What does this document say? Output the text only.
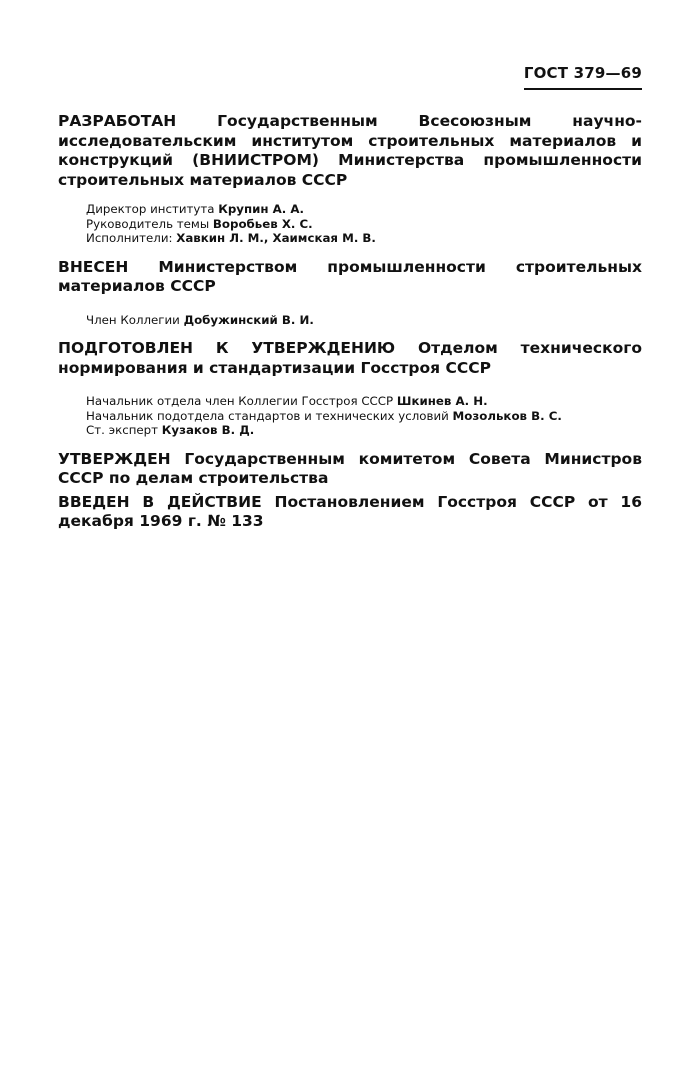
ГОСТ 379—69

РАЗРАБОТАН	Государственным Всесоюзным научно-исследовательским институтом строительных материалов и конструкций (ВНИИСТРОМ) Министерства промышленности строительных материалов СССР

Директор института Крупин А. А.
Руководитель темы Воробьев Х. С.
Исполнители: Хавкин Л. М., Хаимская М. В.

ВНЕСЕН Министерством промышленности строительных материалов СССР

Член Коллегии Добужинский В. И.

ПОДГОТОВЛЕН К УТВЕРЖДЕНИЮ Отделом технического нормирования и стандартизации Госстроя СССР

Начальник отдела член Коллегии Госстроя СССР Шкинев А. Н.
Начальник подотдела стандартов и технических условий Мозольков В. С.
Ст. эксперт Кузаков В. Д.

УТВЕРЖДЕН Государственным комитетом Совета Министров СССР по делам строительства

ВВЕДЕН В ДЕЙСТВИЕ Постановлением Госстроя СССР от 16 декабря 1969 г. № 133
